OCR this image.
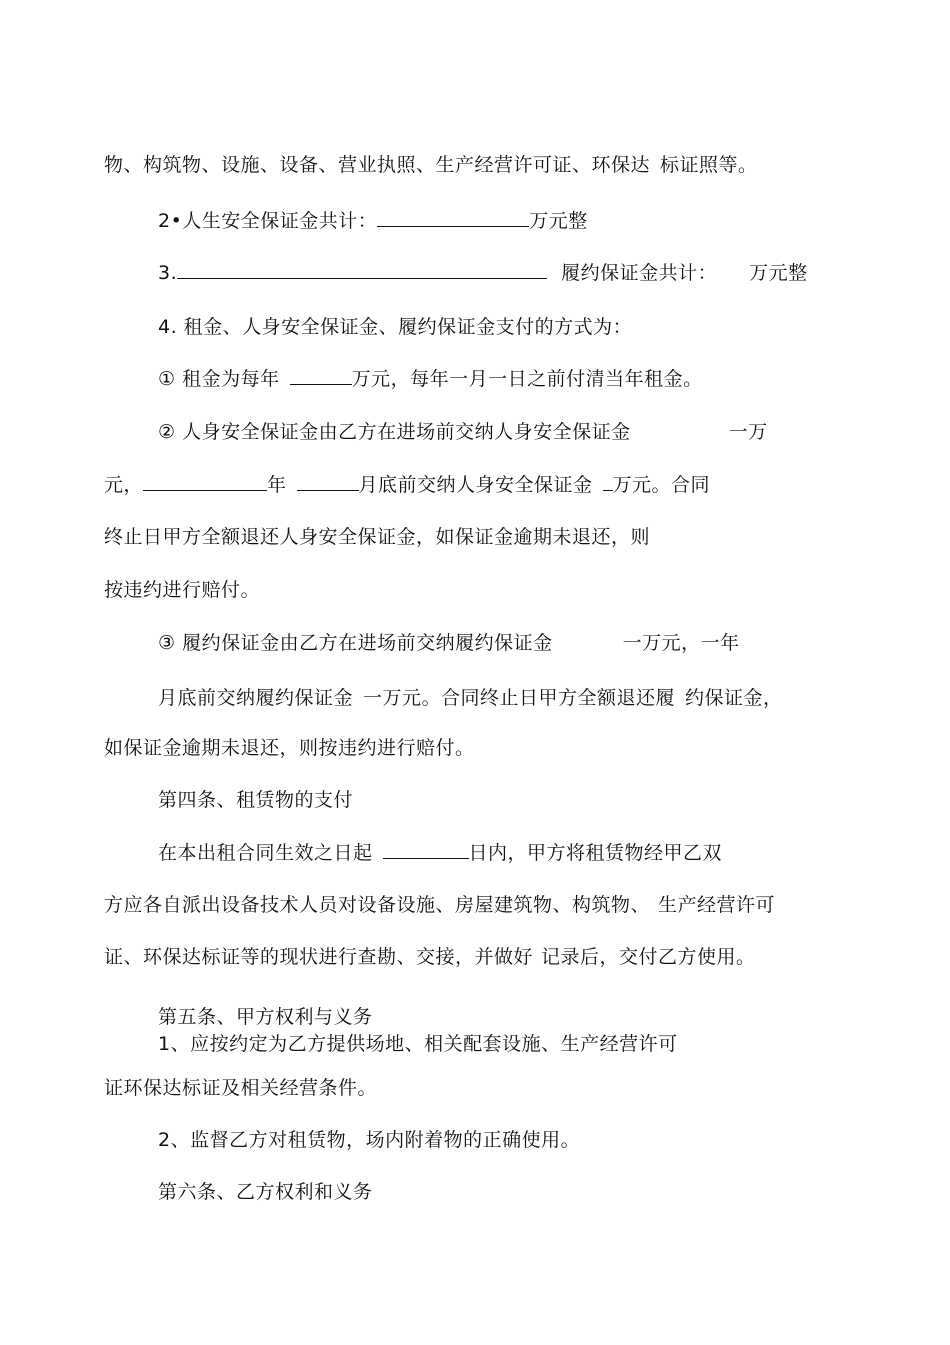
物、构筑物、设施、设备、营业执照、生产经营许可证、环保达 标证照等。
2•人生安全保证金共计：	万元整
3.	履约保证金共计： 万元整
4. 租金、人身安全保证金、履约保证金支付的方式为：
① 租金为每年	万元，每年一月一日之前付清当年租金。
② 人身安全保证金由乙方在进场前交纳人身安全保证金	一万
元，	年	月底前交纳人身安全保证金 万元。合同
终止日甲方全额退还人身安全保证金，如保证金逾期未退还，则
按违约进行赔付。
③ 履约保证金由乙方在进场前交纳履约保证金	一万元，一年
月底前交纳履约保证金 一万元。合同终止日甲方全额退还履 约保证金，
如保证金逾期未退还，则按违约进行赔付。
第四条、租赁物的支付
在本出租合同生效之日起	日内，甲方将租赁物经甲乙双
方应各自派出设备技术人员对设备设施、房屋建筑物、构筑物、 生产经营许可
证、环保达标证等的现状进行查勘、交接，并做好 记录后，交付乙方使用。
第五条、甲方权利与义务
1、应按约定为乙方提供场地、相关配套设施、生产经营许可
证环保达标证及相关经营条件。
2、监督乙方对租赁物，场内附着物的正确使用。
第六条、乙方权利和义务
